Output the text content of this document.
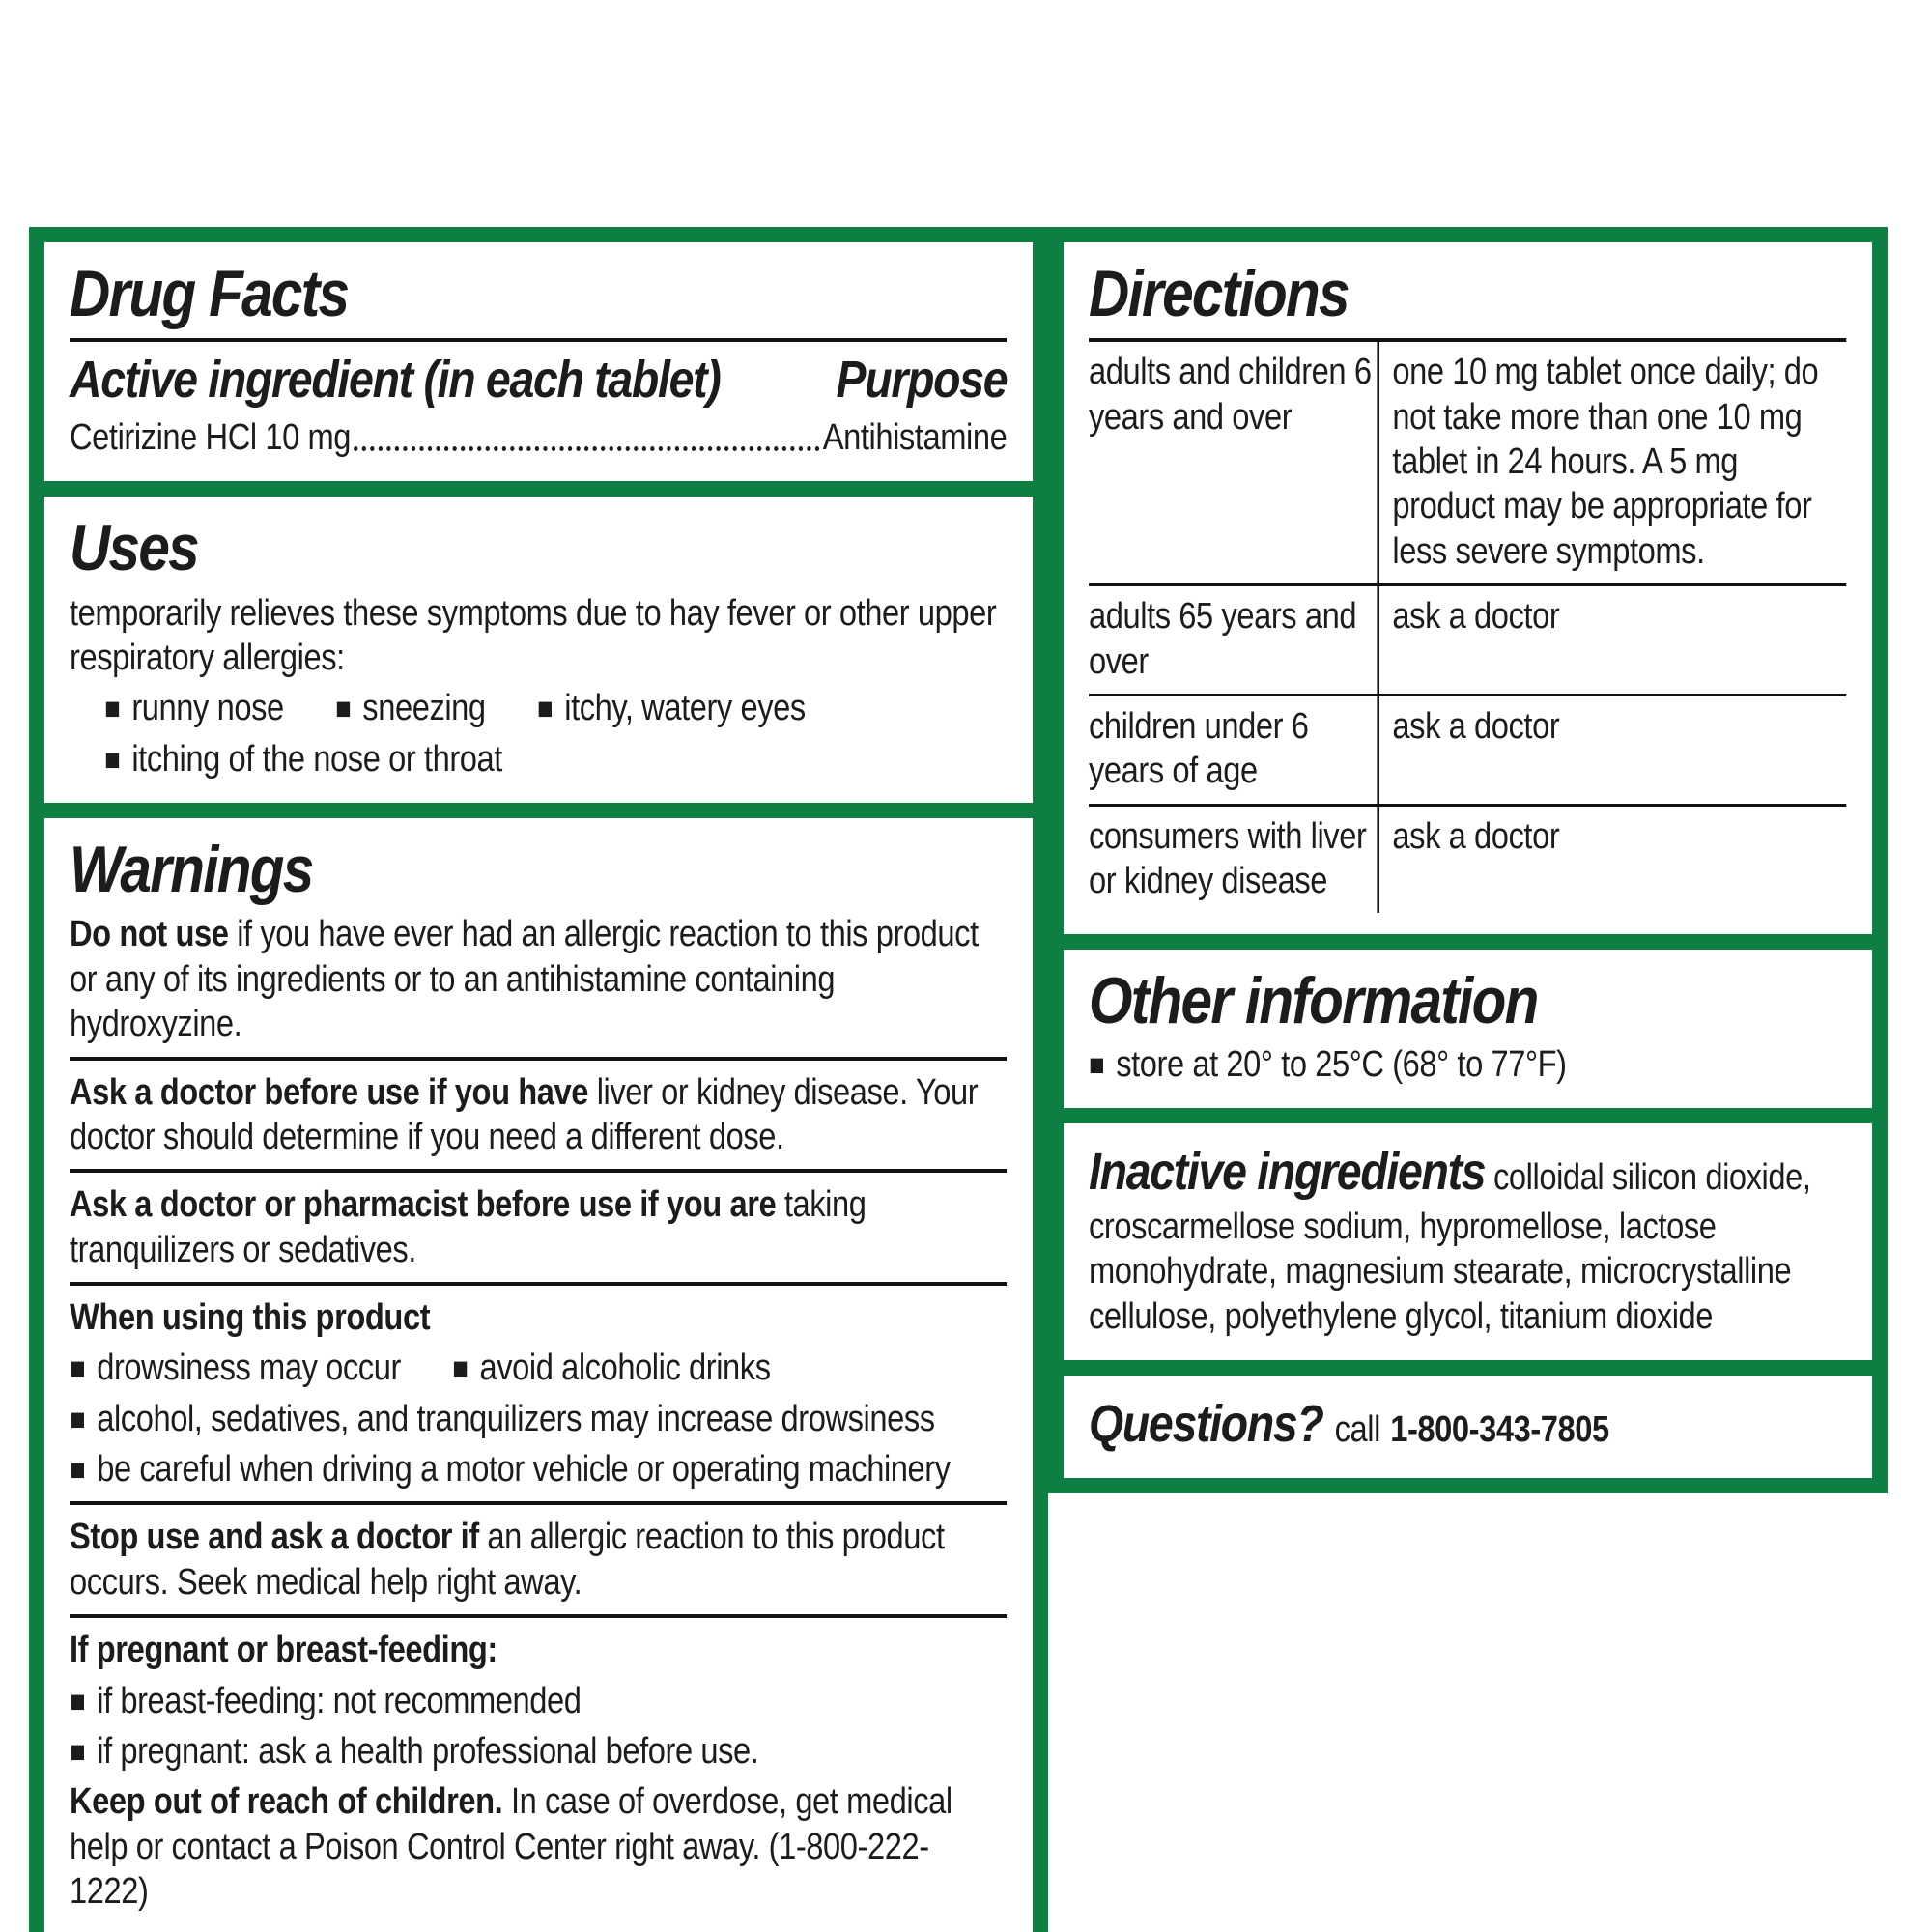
Drug Facts
Active ingredient (in each tablet) Purpose
Cetirizine HCl 10 mg	Antihistamine
Uses

temporarily relieves these symptoms due to hay fever or other upper respiratory allergies:

■ runny nose ■ sneezing ■ itchy, watery eyes
■ itching of the nose or throat
Warnings

Do not use if you have ever had an allergic reaction to this product or any of its ingredients or to an antihistamine containing hydroxyzine.

Ask a doctor before use if you have liver or kidney disease. Your doctor should determine if you need a different dose.

Ask a doctor or pharmacist before use if you are taking tranquilizers or sedatives.

When using this product

■ drowsiness may occur ■ avoid alcoholic drinks
■ alcohol, sedatives, and tranquilizers may increase drowsiness
■ be careful when driving a motor vehicle or operating machinery

Stop use and ask a doctor if an allergic reaction to this product occurs. Seek medical help right away.

If pregnant or breast-feeding:

■ if breast-feeding: not recommended
■ if pregnant: ask a health professional before use.

Keep out of reach of children. In case of overdose, get medical help or contact a Poison Control Center right away. (1-800-222-1222)

Directions
adults and children 6 years and over
one 10 mg tablet once daily; do not take more than one 10 mg tablet in 24 hours. A 5 mg product may be appropriate for less severe symptoms.
adults 65 years and over
ask a doctor
children under 6 years of age
ask a doctor
consumers with liver or kidney disease
ask a doctor
Other information
■ store at 20° to 25°C (68° to 77°F)

Inactive ingredients colloidal silicon dioxide, croscarmellose sodium, hypromellose, lactose monohydrate, magnesium stearate, microcrystalline cellulose, polyethylene glycol, titanium dioxide

Questions? call 1-800-343-7805
